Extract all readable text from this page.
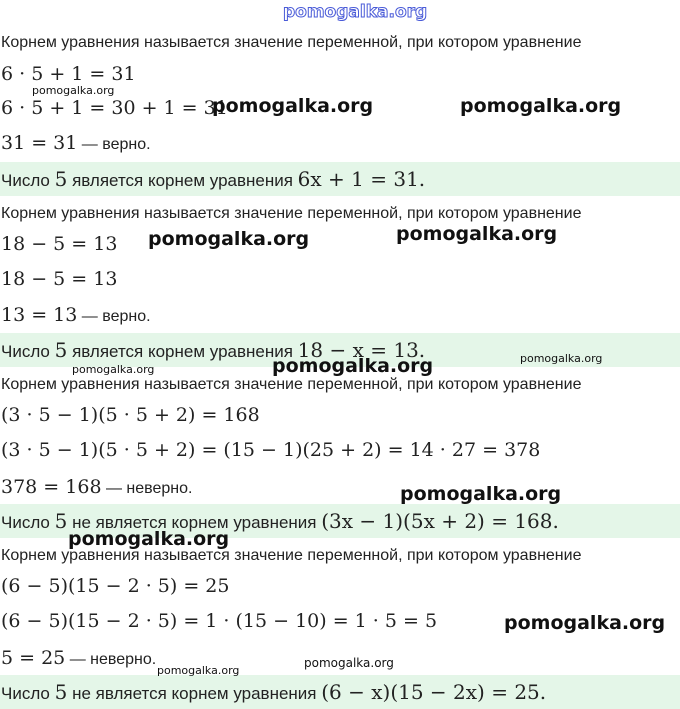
pomogalka.org
Корнем уравнения называется значение переменной, при котором уравнение
6 · 5 + 1 = 31
6 · 5 + 1 = 30 + 1 = 31
31 = 31 — верно.
Число 5 является корнем уравнения 6x + 1 = 31.
Корнем уравнения называется значение переменной, при котором уравнение
18 − 5 = 13
18 − 5 = 13
13 = 13 — верно.
Число 5 является корнем уравнения 18 − x = 13.
Корнем уравнения называется значение переменной, при котором уравнение
(3 · 5 − 1)(5 · 5 + 2) = 168
(3 · 5 − 1)(5 · 5 + 2) = (15 − 1)(25 + 2) = 14 · 27 = 378
378 = 168 — неверно.
Число 5 не является корнем уравнения (3x − 1)(5x + 2) = 168.
Корнем уравнения называется значение переменной, при котором уравнение
(6 − 5)(15 − 2 · 5) = 25
(6 − 5)(15 − 2 · 5) = 1 · (15 − 10) = 1 · 5 = 5
5 = 25 — неверно.
Число 5 не является корнем уравнения (6 − x)(15 − 2x) = 25.
pomogalka.org
pomogalka.org	pomogalka.org
pomogalka.org	pomogalka.org
pomogalka.org
pomogalka.org	pomogalka.org
pomogalka.org
pomogalka.org
pomogalka.org
pomogalka.org
pomogalka.org
